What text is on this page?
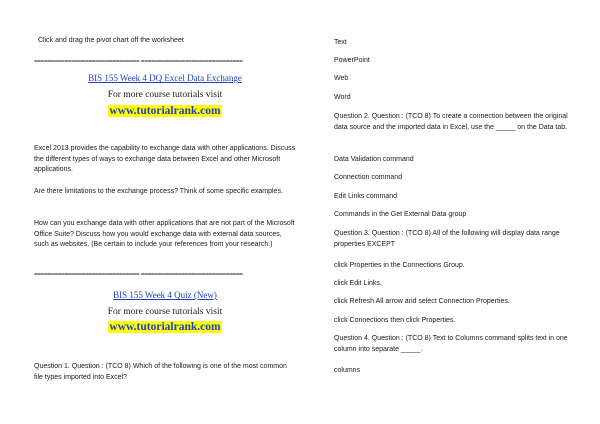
Click and drag the pivot chart off the worksheet
=============================== ==============================
BIS 155 Week 4 DQ Excel Data Exchange
For more course tutorials visit
www.tutorialrank.com
Excel 2013 provides the capability to exchange data with other applications. Discuss the different types of ways to exchange data between Excel and other Microsoft applications.
Are there limitations to the exchange process? Think of some specific examples.
How can you exchange data with other applications that are not part of the Microsoft Office Suite? Discuss how you would exchange data with external data sources, such as websites. (Be certain to include your references from your research.)
=============================== ==============================
BIS 155 Week 4 Quiz (New)
For more course tutorials visit
www.tutorialrank.com
Question 1. Question : (TCO 8) Which of the following is one of the most common file types imported into Excel?
Text
PowerPoint
Web
Word
Question 2. Question : (TCO 8) To create a connection between the original data source and the imported data in Excel, use the _____ on the Data tab.
Data Validation command
Connection command
Edit Links command
Commands in the Get External Data group
Question 3. Question : (TCO 8) All of the following will display data range properties EXCEPT
click Properties in the Connections Group.
click Edit Links.
click Refresh All arrow and select Connection Properties.
click Connections then click Properties.
Question 4. Question : (TCO 8) Text to Columns command splits text in one column into separate _____.
columns
